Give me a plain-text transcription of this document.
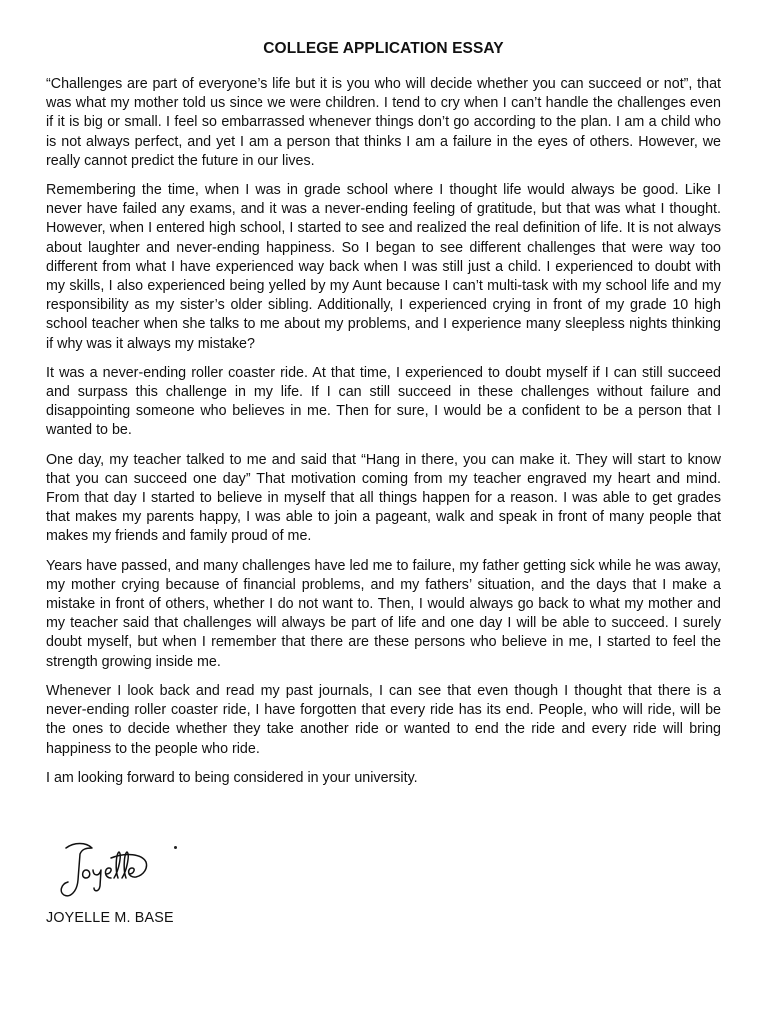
COLLEGE APPLICATION ESSAY

“Challenges are part of everyone’s life but it is you who will decide whether you can succeed or not”, that was what my mother told us since we were children. I tend to cry when I can’t handle the challenges even if it is big or small. I feel so embarrassed whenever things don’t go according to the plan. I am a child who is not always perfect, and yet I am a person that thinks I am a failure in the eyes of others. However, we really cannot predict the future in our lives.

Remembering the time, when I was in grade school where I thought life would always be good. Like I never have failed any exams, and it was a never-ending feeling of gratitude, but that was what I thought. However, when I entered high school, I started to see and realized the real definition of life. It is not always about laughter and never-ending happiness. So I began to see different challenges that were way too different from what I have experienced way back when I was still just a child. I experienced to doubt with my skills, I also experienced being yelled by my Aunt because I can’t multi-task with my school life and my responsibility as my sister’s older sibling. Additionally, I experienced crying in front of my grade 10 high school teacher when she talks to me about my problems, and I experience many sleepless nights thinking if why was it always my mistake?

It was a never-ending roller coaster ride. At that time, I experienced to doubt myself if I can still succeed and surpass this challenge in my life. If I can still succeed in these challenges without failure and disappointing someone who believes in me. Then for sure, I would be a confident to be a person that I wanted to be.

One day, my teacher talked to me and said that “Hang in there, you can make it. They will start to know that you can succeed one day” That motivation coming from my teacher engraved my heart and mind. From that day I started to believe in myself that all things happen for a reason. I was able to get grades that makes my parents happy, I was able to join a pageant, walk and speak in front of many people that makes my friends and family proud of me.

Years have passed, and many challenges have led me to failure, my father getting sick while he was away, my mother crying because of financial problems, and my fathers’ situation, and the days that I make a mistake in front of others, whether I do not want to. Then, I would always go back to what my mother and my teacher said that challenges will always be part of life and one day I will be able to succeed. I surely doubt myself, but when I remember that there are these persons who believe in me, I started to feel the strength growing inside me.

Whenever I look back and read my past journals, I can see that even though I thought that there is a never-ending roller coaster ride, I have forgotten that every ride has its end. People, who will ride, will be the ones to decide whether they take another ride or wanted to end the ride and every ride will bring happiness to the people who ride.

I am looking forward to being considered in your university.

JOYELLE M. BASE
